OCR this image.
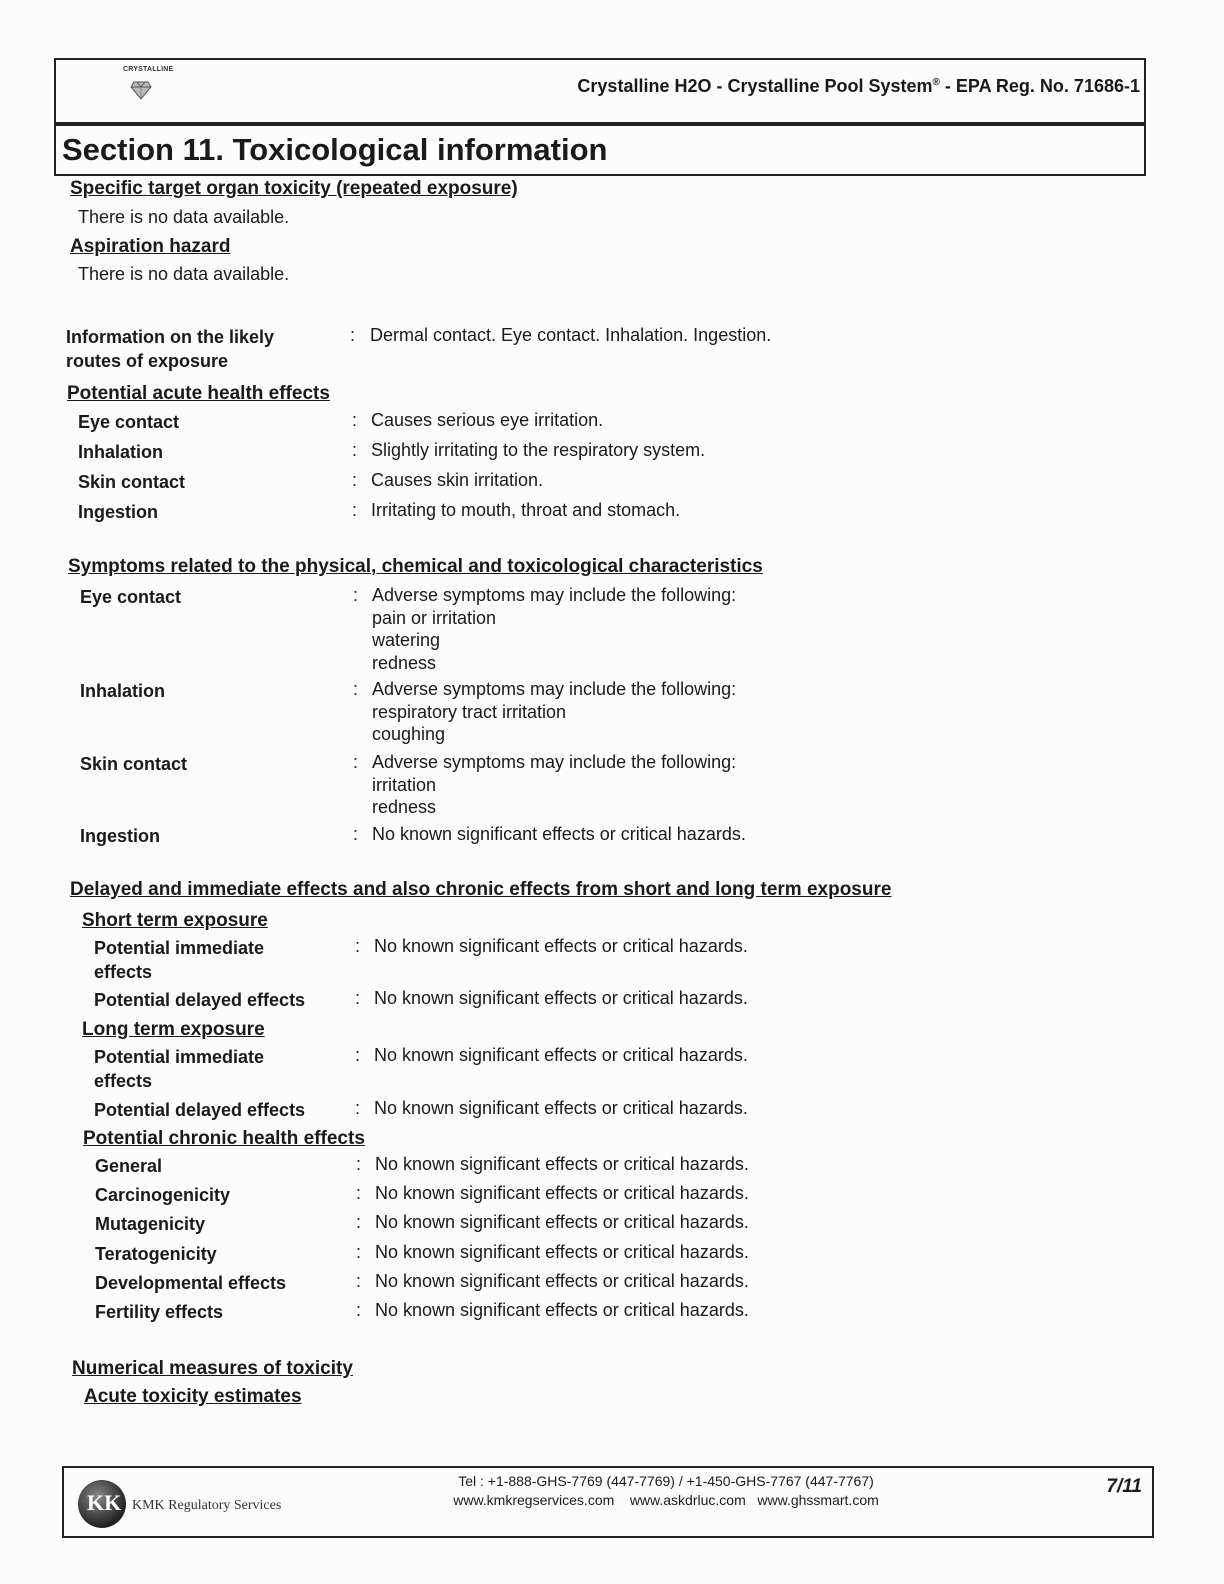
CRYSTALLINE
Crystalline H2O - Crystalline Pool System® - EPA Reg. No. 71686-1
Section 11. Toxicological information
Specific target organ toxicity (repeated exposure)
There is no data available.
Aspiration hazard
There is no data available.
Information on the likely
routes of exposure
: Dermal contact. Eye contact. Inhalation. Ingestion.
Potential acute health effects
Eye contact	: Causes serious eye irritation.
Inhalation	: Slightly irritating to the respiratory system.
Skin contact	: Causes skin irritation.
Ingestion	: Irritating to mouth, throat and stomach.
Symptoms related to the physical, chemical and toxicological characteristics
Eye contact	: Adverse symptoms may include the following:
pain or irritation
watering
redness
Inhalation	: Adverse symptoms may include the following:
respiratory tract irritation
coughing
Skin contact	: Adverse symptoms may include the following:
irritation
redness
Ingestion	: No known significant effects or critical hazards.
Delayed and immediate effects and also chronic effects from short and long term exposure
Short term exposure
Potential immediate
effects
: No known significant effects or critical hazards.
Potential delayed effects	: No known significant effects or critical hazards.
Long term exposure
Potential immediate
effects
: No known significant effects or critical hazards.
Potential delayed effects	: No known significant effects or critical hazards.
Potential chronic health effects
General	: No known significant effects or critical hazards.
Carcinogenicity	: No known significant effects or critical hazards.
Mutagenicity	: No known significant effects or critical hazards.
Teratogenicity	: No known significant effects or critical hazards.
Developmental effects	: No known significant effects or critical hazards.
Fertility effects	: No known significant effects or critical hazards.
Numerical measures of toxicity
Acute toxicity estimates
KK KMK Regulatory Services
Tel : +1-888-GHS-7769 (447-7769) / +1-450-GHS-7767 (447-7767)
www.kmkregservices.com    www.askdrluc.com   www.ghssmart.com
7/11
